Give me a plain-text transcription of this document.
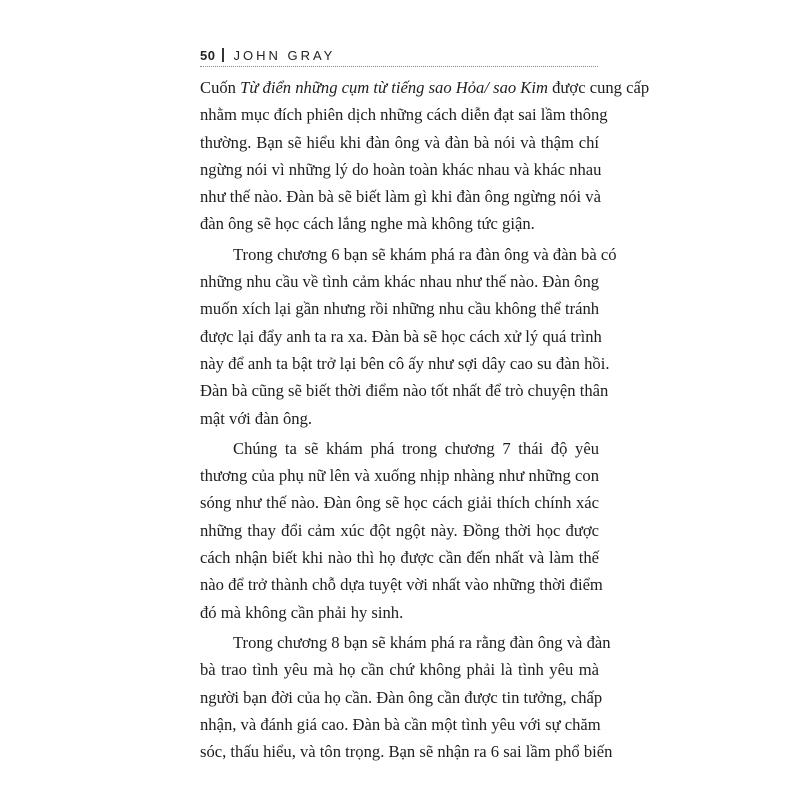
50 JOHN GRAY

Cuốn Từ điển những cụm từ tiếng sao Hỏa/ sao Kim được cung cấp
nhằm mục đích phiên dịch những cách diễn đạt sai lầm thông
thường. Bạn sẽ hiểu khi đàn ông và đàn bà nói và thậm chí
ngừng nói vì những lý do hoàn toàn khác nhau và khác nhau
như thế nào. Đàn bà sẽ biết làm gì khi đàn ông ngừng nói và
đàn ông sẽ học cách lắng nghe mà không tức giận.

Trong chương 6 bạn sẽ khám phá ra đàn ông và đàn bà có
những nhu cầu về tình cảm khác nhau như thế nào. Đàn ông
muốn xích lại gần nhưng rồi những nhu cầu không thể tránh
được lại đẩy anh ta ra xa. Đàn bà sẽ học cách xử lý quá trình
này để anh ta bật trở lại bên cô ấy như sợi dây cao su đàn hồi.
Đàn bà cũng sẽ biết thời điểm nào tốt nhất để trò chuyện thân
mật với đàn ông.

Chúng ta sẽ khám phá trong chương 7 thái độ yêu
thương của phụ nữ lên và xuống nhịp nhàng như những con
sóng như thế nào. Đàn ông sẽ học cách giải thích chính xác
những thay đổi cảm xúc đột ngột này. Đồng thời học được
cách nhận biết khi nào thì họ được cần đến nhất và làm thế
nào để trở thành chỗ dựa tuyệt vời nhất vào những thời điểm
đó mà không cần phải hy sinh.

Trong chương 8 bạn sẽ khám phá ra rằng đàn ông và đàn
bà trao tình yêu mà họ cần chứ không phải là tình yêu mà
người bạn đời của họ cần. Đàn ông cần được tin tưởng, chấp
nhận, và đánh giá cao. Đàn bà cần một tình yêu với sự chăm
sóc, thấu hiểu, và tôn trọng. Bạn sẽ nhận ra 6 sai lầm phổ biến
